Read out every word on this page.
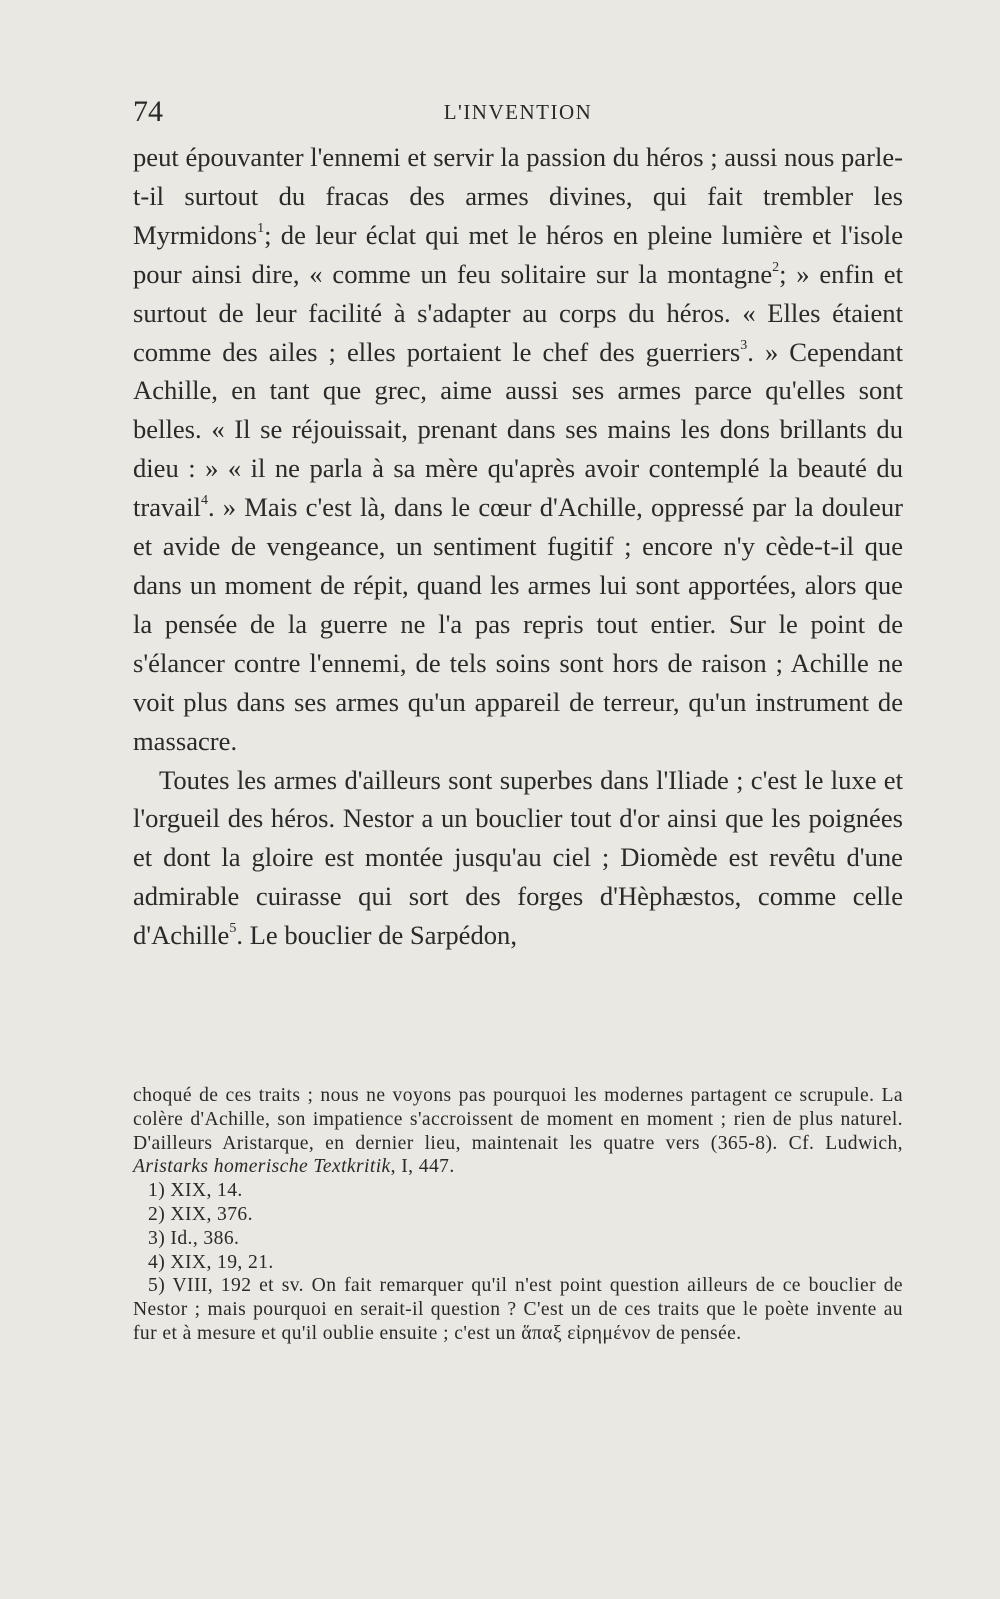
74	L'INVENTION

peut épouvanter l'ennemi et servir la passion du héros ; aussi nous parle-t-il surtout du fracas des armes divines, qui fait trembler les Myrmidons$^1$; de leur éclat qui met le héros en pleine lumière et l'isole pour ainsi dire, « comme un feu solitaire sur la montagne$^2$; » enfin et surtout de leur facilité à s'adapter au corps du héros. « Elles étaient comme des ailes ; elles portaient le chef des guerriers$^3$. » Cependant Achille, en tant que grec, aime aussi ses armes parce qu'elles sont belles. « Il se réjouissait, prenant dans ses mains les dons brillants du dieu : » « il ne parla à sa mère qu'après avoir contemplé la beauté du travail$^4$. » Mais c'est là, dans le cœur d'Achille, oppressé par la douleur et avide de vengeance, un sentiment fugitif ; encore n'y cède-t-il que dans un moment de répit, quand les armes lui sont apportées, alors que la pensée de la guerre ne l'a pas repris tout entier. Sur le point de s'élancer contre l'ennemi, de tels soins sont hors de raison ; Achille ne voit plus dans ses armes qu'un appareil de terreur, qu'un instrument de massacre.

Toutes les armes d'ailleurs sont superbes dans l'Iliade ; c'est le luxe et l'orgueil des héros. Nestor a un bouclier tout d'or ainsi que les poignées et dont la gloire est montée jusqu'au ciel ; Diomède est revêtu d'une admirable cuirasse qui sort des forges d'Hèphæstos, comme celle d'Achille$^5$. Le bouclier de Sarpédon,

choqué de ces traits ; nous ne voyons pas pourquoi les modernes partagent ce scrupule. La colère d'Achille, son impatience s'accroissent de moment en moment ; rien de plus naturel. D'ailleurs Aristarque, en dernier lieu, maintenait les quatre vers (365-8). Cf. Ludwich, Aristarks homerische Textkritik, I, 447.

1) XIX, 14.

2) XIX, 376.

3) Id., 386.

4) XIX, 19, 21.

5) VIII, 192 et sv. On fait remarquer qu'il n'est point question ailleurs de ce bouclier de Nestor ; mais pourquoi en serait-il question ? C'est un de ces traits que le poète invente au fur et à mesure et qu'il oublie ensuite ; c'est un ἅπαξ εἰρημένον de pensée.
